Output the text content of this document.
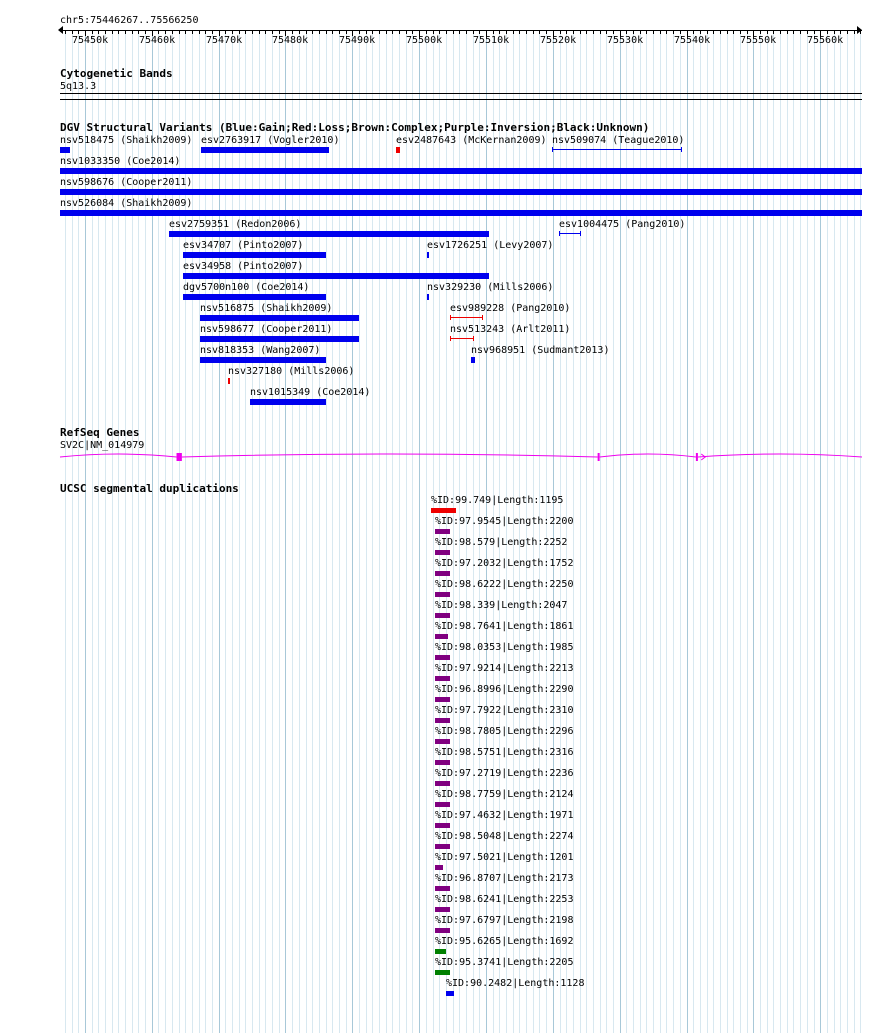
chr5:75446267..75566250
75450k	75460k	75470k	75480k	75490k	75500k	75510k	75520k	75530k	75540k	75550k	75560k
Cytogenetic Bands
5q13.3
DGV Structural Variants (Blue:Gain;Red:Loss;Brown:Complex;Purple:Inversion;Black:Unknown)
nsv518475 (Shaikh2009) esv2763917 (Vogler2010)	esv2487643 (McKernan2009) nsv509074 (Teague2010)
nsv1033350 (Coe2014)
nsv598676 (Cooper2011)
nsv526084 (Shaikh2009)
esv2759351 (Redon2006)	esv1004475 (Pang2010)
esv34707 (Pinto2007)	esv1726251 (Levy2007)
esv34958 (Pinto2007)
dgv5700n100 (Coe2014)	nsv329230 (Mills2006)
nsv516875 (Shaikh2009)	esv989228 (Pang2010)
nsv598677 (Cooper2011)	nsv513243 (Arlt2011)
nsv818353 (Wang2007)	nsv968951 (Sudmant2013)
nsv327180 (Mills2006)
nsv1015349 (Coe2014)
RefSeq Genes
SV2C|NM_014979
UCSC segmental duplications
%ID:99.749|Length:1195
%ID:97.9545|Length:2200
%ID:98.579|Length:2252
%ID:97.2032|Length:1752
%ID:98.6222|Length:2250
%ID:98.339|Length:2047
%ID:98.7641|Length:1861
%ID:98.0353|Length:1985
%ID:97.9214|Length:2213
%ID:96.8996|Length:2290
%ID:97.7922|Length:2310
%ID:98.7805|Length:2296
%ID:98.5751|Length:2316
%ID:97.2719|Length:2236
%ID:98.7759|Length:2124
%ID:97.4632|Length:1971
%ID:98.5048|Length:2274
%ID:97.5021|Length:1201
%ID:96.8707|Length:2173
%ID:98.6241|Length:2253
%ID:97.6797|Length:2198
%ID:95.6265|Length:1692
%ID:95.3741|Length:2205
%ID:90.2482|Length:1128
